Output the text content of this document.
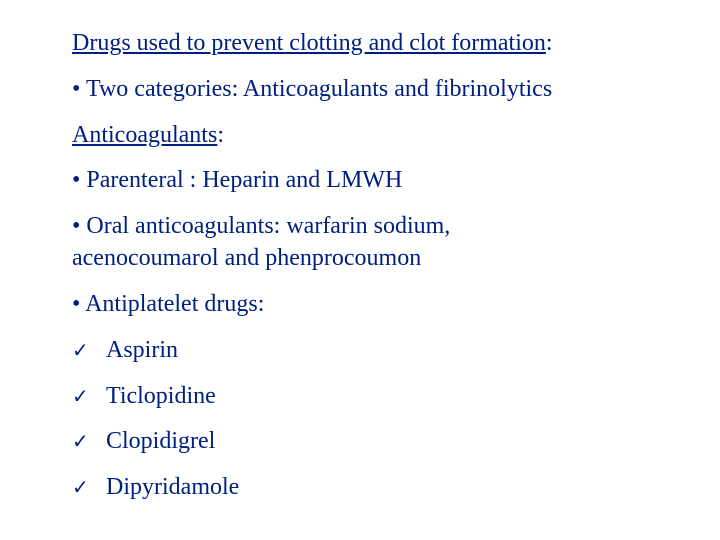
Drugs used to prevent clotting and clot formation:
• Two categories: Anticoagulants and fibrinolytics
Anticoagulants:
• Parenteral : Heparin and LMWH
• Oral anticoagulants: warfarin sodium,
acenocoumarol and phenprocoumon
• Antiplatelet drugs:
✓ Aspirin
✓ Ticlopidine
✓ Clopidigrel
✓ Dipyridamole
